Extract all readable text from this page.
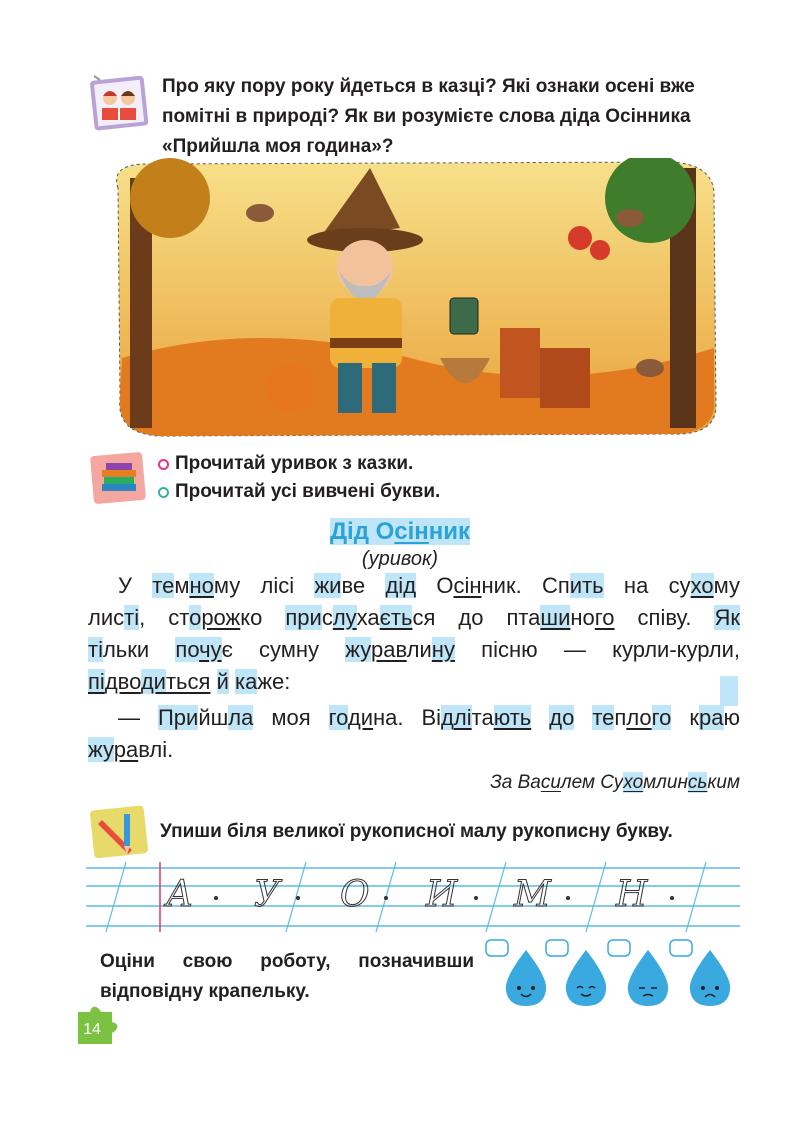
Про яку пору року йдеться в казці? Які ознаки осені вже помітні в природі? Як ви розумієте слова діда Осінника «Прийшла моя година»?
Прочитай уривок з казки.
Прочитай усі вивчені букви.
Дід Осінник
(уривок)
У темному лісі живе дід Осінник. Спить на сухому
листі, сторожко прислухається до пташиного співу. Як
тільки почує сумну журавлину пісню — курли-курли,
підводиться й каже:
— Прийшла моя година. Відлітають до теплого краю
журавлі.
За Василем Сухомлинським
Упиши біля великої рукописної малу рукописну букву.
А У О И М Н
Оціни свою роботу, позначивши відповідну крапельку.
14
